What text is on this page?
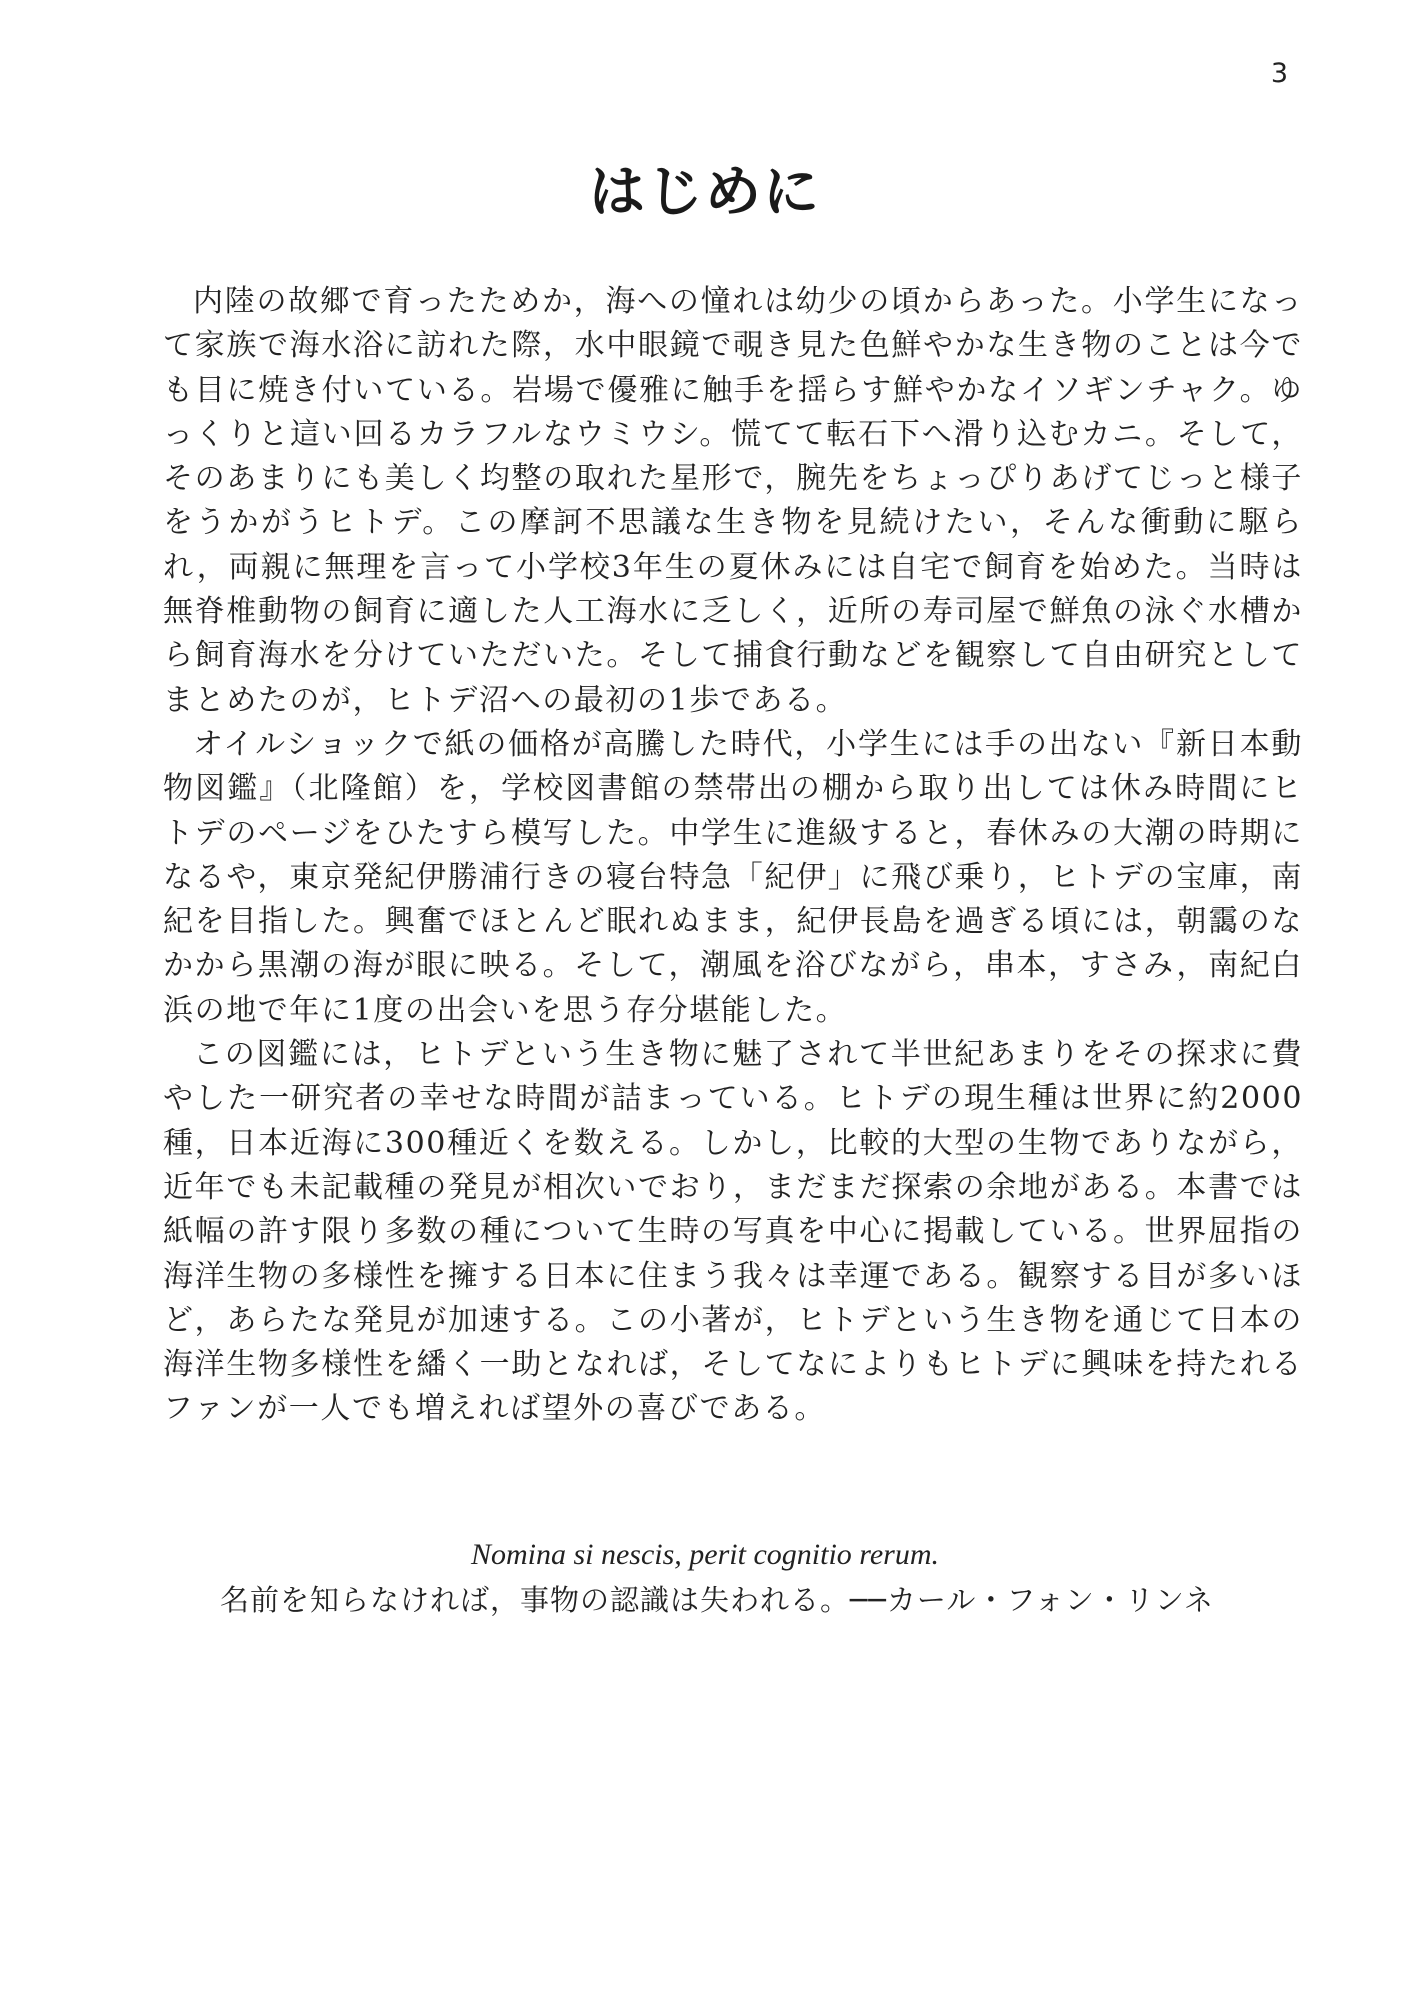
3
はじめに

内陸の故郷で育ったためか，海への憧れは幼少の頃からあった。小学生になって家族で海水浴に訪れた際，水中眼鏡で覗き見た色鮮やかな生き物のことは今でも目に焼き付いている。岩場で優雅に触手を揺らす鮮やかなイソギンチャク。ゆっくりと這い回るカラフルなウミウシ。慌てて転石下へ滑り込むカニ。そして，そのあまりにも美しく均整の取れた星形で，腕先をちょっぴりあげてじっと様子をうかがうヒトデ。この摩訶不思議な生き物を見続けたい，そんな衝動に駆られ，両親に無理を言って小学校3年生の夏休みには自宅で飼育を始めた。当時は無脊椎動物の飼育に適した人工海水に乏しく，近所の寿司屋で鮮魚の泳ぐ水槽から飼育海水を分けていただいた。そして捕食行動などを観察して自由研究としてまとめたのが，ヒトデ沼への最初の1歩である。

オイルショックで紙の価格が高騰した時代，小学生には手の出ない『新日本動物図鑑』（北隆館）を，学校図書館の禁帯出の棚から取り出しては休み時間にヒトデのページをひたすら模写した。中学生に進級すると，春休みの大潮の時期になるや，東京発紀伊勝浦行きの寝台特急「紀伊」に飛び乗り，ヒトデの宝庫，南紀を目指した。興奮でほとんど眠れぬまま，紀伊長島を過ぎる頃には，朝靄のなかから黒潮の海が眼に映る。そして，潮風を浴びながら，串本，すさみ，南紀白浜の地で年に1度の出会いを思う存分堪能した。

この図鑑には，ヒトデという生き物に魅了されて半世紀あまりをその探求に費やした一研究者の幸せな時間が詰まっている。ヒトデの現生種は世界に約2000種，日本近海に300種近くを数える。しかし，比較的大型の生物でありながら，近年でも未記載種の発見が相次いでおり，まだまだ探索の余地がある。本書では紙幅の許す限り多数の種について生時の写真を中心に掲載している。世界屈指の海洋生物の多様性を擁する日本に住まう我々は幸運である。観察する目が多いほど，あらたな発見が加速する。この小著が，ヒトデという生き物を通じて日本の海洋生物多様性を繙く一助となれば，そしてなによりもヒトデに興味を持たれるファンが一人でも増えれば望外の喜びである。

Nomina si nescis, perit cognitio rerum.
名前を知らなければ，事物の認識は失われる。──カール・フォン・リンネ
